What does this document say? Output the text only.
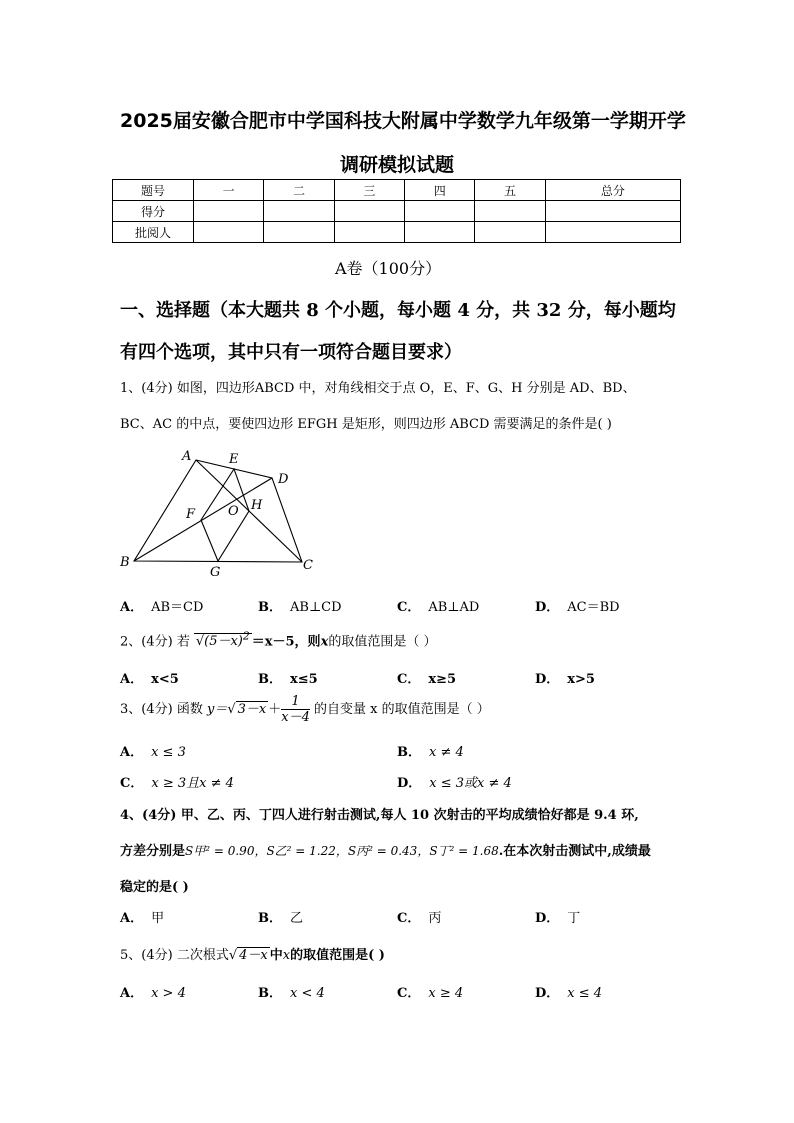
2025届安徽合肥市中学国科技大附属中学数学九年级第一学期开学
调研模拟试题
题号	一	二	三	四	五	总分
得分						
批阅人						
A卷（100分）
一、选择题（本大题共 8 个小题，每小题 4 分，共 32 分，每小题均
有四个选项，其中只有一项符合题目要求）
1、(4分) 如图，四边形ABCD 中，对角线相交于点 O，E、F、G、H 分别是 AD、BD、
BC、AC 的中点，要使四边形 EFGH 是矩形，则四边形 ABCD 需要满足的条件是( )
A	E
D
F	O H
B
G	C
A． AB＝CD	B． AB⊥CD	C． AB⊥AD	D． AC＝BD
2、(4分) 若 $√(5-x)^2 =x-5$，则x的取值范围是（ ）
A． x<5	B． x≤5	C． x≥5	D． x>5
3、(4分) 函数 y＝√ $3-x + \frac{1}{x-4}$ 的自变量 x 的取值范围是（ ）
A． x ≤ 3	B． x ≠ 4
C． x ≥ 3且x ≠ 4	D． x ≤ 3或x ≠ 4
4、(4分) 甲、乙、丙、丁四人进行射击测试,每人 10 次射击的平均成绩恰好都是 9.4 环,
方差分别是S甲² = 0.90，S乙² = 1.22，S丙² = 0.43，S丁² = 1.68.在本次射击测试中,成绩最
稳定的是( )
A． 甲	B． 乙	C． 丙	D． 丁
5、(4分) 二次根式√ 4－x 中x的取值范围是( )
A． x > 4	B． x < 4	C． x ≥ 4	D． x ≤ 4
